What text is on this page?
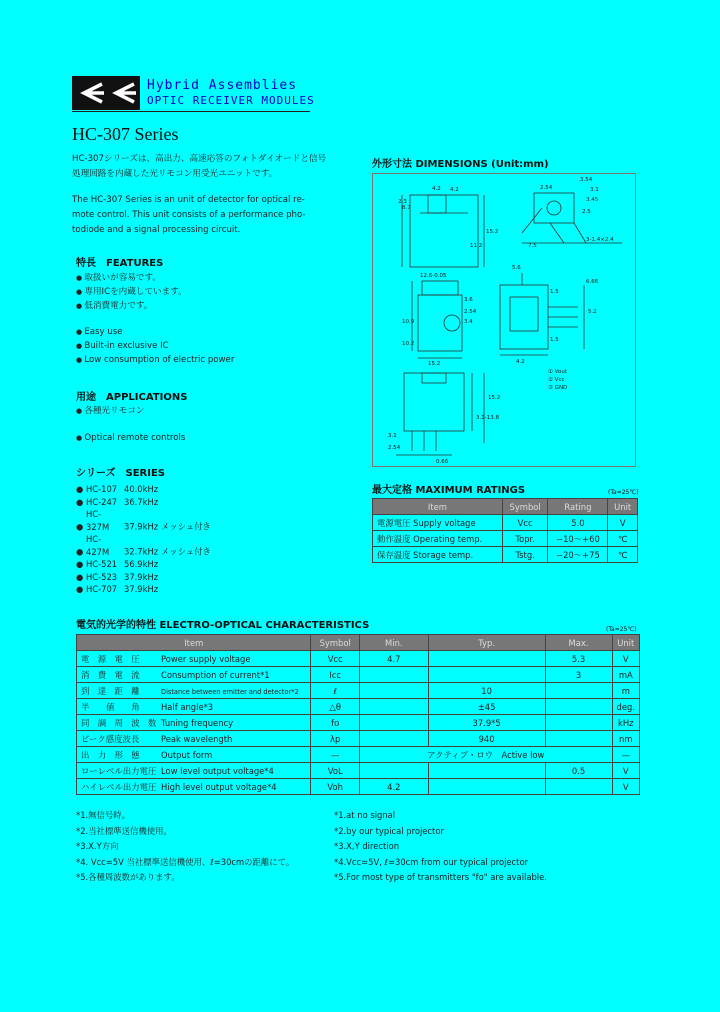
Hybrid Assemblies
OPTIC RECEIVER MODULES
HC-307 Series
HC-307シリーズは、高出力、高速応答のフォトダイオードと信号
処理回路を内蔵した光リモコン用受光ユニットです。
The HC-307 Series is an unit of detector for optical re-
mote control. This unit consists of a performance pho-
todiode and a signal processing circuit.
特長　FEATURES
● 取扱いが容易です。
● 専用ICを内蔵しています。
● 低消費電力です。
● Easy use
● Built-in exclusive IC
● Low consumption of electric power
用途　APPLICATIONS
● 各種光リモコン
● Optical remote controls
シリーズ　SERIES
● HC-107 40.0kHz
● HC-247 36.7kHz
● HC-327M 37.9kHz メッシュ付き
● HC-427M 32.7kHz メッシュ付き
● HC-521 56.9kHz
● HC-523 37.9kHz
● HC-707 37.9kHz
外形寸法 DIMENSIONS (Unit:mm)
4.2
2.3
2.54
3.54
3.1
3.45
2.5
4.2
8.7
15.2
11.2	7.5
3-1.4×2.4
12.6-0.05
3.4
10.9
3.6
2.54
10.2
15.2
5.6
6.66
1.5
1.5
5.2
4.2
15.2
3.1-13.8
3.1
2.54
0.66
① Vout
② Vcc
③ GND
最大定格 MAXIMUM RATINGS	(Ta=25℃)
Item	Symbol	Rating	Unit
電源電圧 Supply voltage	Vcc	5.0	V
動作温度 Operating temp.	Topr.	−10〜+60	℃
保存温度 Storage temp.	Tstg.	−20〜+75	℃
電気的光学的特性 ELECTRO-OPTICAL CHARACTERISTICS	(Ta=25℃)
Item	Symbol	Min.	Typ.	Max.	Unit
電　源　電　圧 Power supply voltage	Vcc	4.7		5.3	V
消　費　電　流 Consumption of current*1	Icc			3	mA
到　達　距　離 Distance between emitter and detector*2	ℓ		10		m
半　　値　　角 Half angle*3	△θ		±45		deg.
同　調　周　波　数 Tuning frequency	fo		37.9*5		kHz
ピーク感度波長 Peak wavelength	λp		940		nm
出　力　形　態 Output form	—	アクティブ・ロウ　Active low			—
ローレベル出力電圧 Low level output voltage*4	VoL			0.5	V
ハイレベル出力電圧 High level output voltage*4	Voh	4.2			V
*1.無信号時。
*2.当社標準送信機使用。
*3.X.Y方向
*4. Vcc=5V 当社標準送信機使用、ℓ=30cmの距離にて。
*5.各種周波数があります。
*1.at no signal
*2.by our typical projector
*3.X,Y direction
*4.Vcc=5V, ℓ=30cm from our typical projector
*5.For most type of transmitters "fo" are available.
